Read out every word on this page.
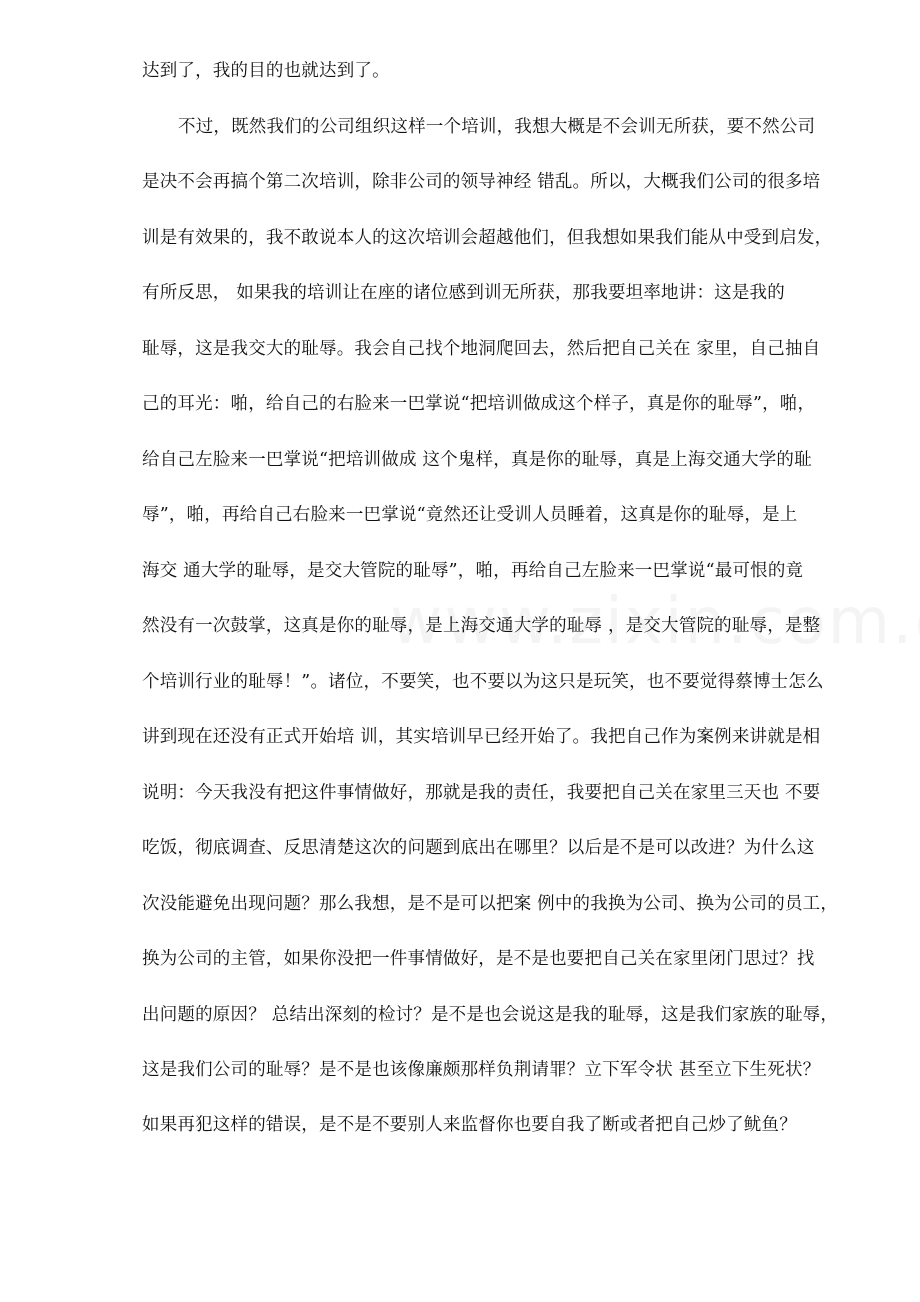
达到了，我的目的也就达到了。
不过，既然我们的公司组织这样一个培训，我想大概是不会训无所获，要不然公司
是决不会再搞个第二次培训，除非公司的领导神经 错乱。所以，大概我们公司的很多培
训是有效果的，我不敢说本人的这次培训会超越他们，但我想如果我们能从中受到启发，
有所反思， 如果我的培训让在座的诸位感到训无所获，那我要坦率地讲：这是我的
耻辱，这是我交大的耻辱。我会自己找个地洞爬回去，然后把自己关在 家里，自己抽自
己的耳光：啪，给自己的右脸来一巴掌说“把培训做成这个样子，真是你的耻辱”，啪，
给自己左脸来一巴掌说“把培训做成 这个鬼样，真是你的耻辱，真是上海交通大学的耻
辱”，啪，再给自己右脸来一巴掌说“竟然还让受训人员睡着，这真是你的耻辱，是上
海交 通大学的耻辱，是交大管院的耻辱”，啪，再给自己左脸来一巴掌说“最可恨的竟
然没有一次鼓掌，这真是你的耻辱，是上海交通大学的耻辱 ，是交大管院的耻辱，是整
个培训行业的耻辱！”。诸位，不要笑，也不要以为这只是玩笑，也不要觉得蔡博士怎么
讲到现在还没有正式开始培 训，其实培训早已经开始了。我把自己作为案例来讲就是相
说明：今天我没有把这件事情做好，那就是我的责任，我要把自己关在家里三天也 不要
吃饭，彻底调查、反思清楚这次的问题到底出在哪里？以后是不是可以改进？为什么这
次没能避免出现问题？那么我想，是不是可以把案 例中的我换为公司、换为公司的员工，
换为公司的主管，如果你没把一件事情做好，是不是也要把自己关在家里闭门思过？找
出问题的原因？ 总结出深刻的检讨？是不是也会说这是我的耻辱，这是我们家族的耻辱，
这是我们公司的耻辱？是不是也该像廉颇那样负荆请罪？立下军令状 甚至立下生死状？
如果再犯这样的错误，是不是不要别人来监督你也要自我了断或者把自己炒了鱿鱼？
